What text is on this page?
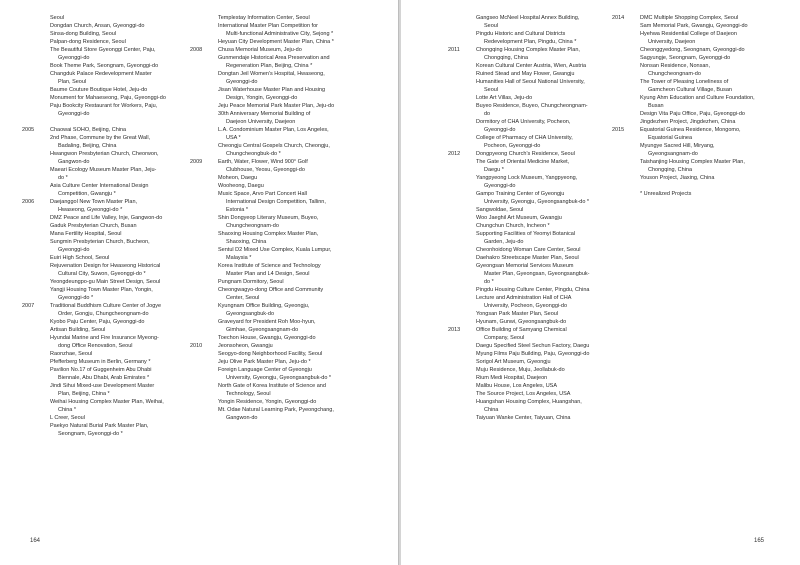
Seoul
Dongdan Church, Ansan, Gyeonggi-do
Sinsa-dong Building, Seoul
Palpan-dong Residence, Seoul
The Beautiful Store Gyeonggi Center, Paju,
Gyeonggi-do
Book Theme Park, Seongnam, Gyeonggi-do
Changduk Palace Redevelopment Master
Plan, Seoul
Baume Couture Boutique Hotel, Jeju-do
Monument for Mahaeseong, Paju, Gyeonggi-do
Paju Bookcity Restaurant for Workers, Paju,
Gyeonggi-do
2005	Chaowai SOHO, Beijing, China
2nd Phase, Commune by the Great Wall,
Badaling, Beijing, China
Hwangwon Presbyterian Church, Cheorwon,
Gangwon-do
Maeari Ecology Museum Master Plan, Jeju-
do *
Asia Culture Center International Design
Competition, Gwangju *
2006	Daejanggol New Town Master Plan,
Hwaseong, Gyeonggi-do *
DMZ Peace and Life Valley, Inje, Gangwon-do
Gaduk Presbyterian Church, Busan
Mana Fertility Hospital, Seoul
Sungmin Presbyterian Church, Bucheon,
Gyeonggi-do
Euiri High School, Seoul
Rejuvenation Design for Hwaseong Historical
Cultural City, Suwon, Gyeonggi-do *
Yeongdeungpo-gu Main Street Design, Seoul
Yangji Housing Town Master Plan, Yongin,
Gyeonggi-do *
2007	Traditional Buddhism Culture Center of Jogye
Order, Gongju, Chungcheongnam-do
Kyobo Paju Center, Paju, Gyeonggi-do
Artisan Building, Seoul
Hyundai Marine and Fire Insurance Myeong-
dong Office Renovation, Seoul
Raonzhae, Seoul
Pfefferberg Museum in Berlin, Germany *
Pavilion No.17 of Guggenheim Abu Dhabi
Biennale, Abu Dhabi, Arab Emirates *
Jindi Sihui Mixed-use Development Master
Plan, Beijing, China *
Weihai Housing Complex Master Plan, Weihai,
China *
L Creer, Seoul
Paekyo Natural Burial Park Master Plan,
Seongnam, Gyeonggi-do *
Templestay Information Center, Seoul
International Master Plan Competition for
Multi-functional Administrative City, Sejong *
Heyuan City Development Master Plan, China *
2008	Chusa Memorial Museum, Jeju-do
Gunmendaje Historical Area Preservation and
Regeneration Plan, Beijing, China *
Dongtan Jeil Women's Hospital, Hwaseong,
Gyeonggi-do
Jisan Waterhouse Master Plan and Housing
Design, Yongin, Gyeonggi-do
Jeju Peace Memorial Park Master Plan, Jeju-do
30th Anniversary Memorial Building of
Daejeon University, Daejeon
L.A. Condominium Master Plan, Los Angeles,
USA *
Cheongju Central Gospels Church, Cheongju,
Chungcheongbuk-do *
2009	Earth, Water, Flower, Wind 900° Golf
Clubhouse, Yeosu, Gyeonggi-do
Moheon, Daegu
Wooheong, Daegu
Music Space, Arvo Part Concert Hall
International Design Competition, Tallinn,
Estonia *
Shin Dongyeop Literary Museum, Buyeo,
Chungcheongnam-do
Shaoxing Housing Complex Master Plan,
Shaoxing, China
Sentul D2 Mixed Use Complex, Kuala Lumpur,
Malaysia *
Korea Institute of Science and Technology
Master Plan and L4 Design, Seoul
Pungnam Dormitory, Seoul
Cheongwagyo-dong Office and Community
Center, Seoul
Kyungnam Office Building, Gyeongju,
Gyeongsangbuk-do
Graveyard for President Roh Moo-hyun,
Gimhae, Gyeongsangnam-do
Toechon House, Gwangju, Gyeonggi-do
2010	Jeonsoheon, Gwangju
Seogyo-dong Neighborhood Facility, Seoul
Jeju Olive Park Master Plan, Jeju-do *
Foreign Language Center of Gyeongju
University, Gyeongju, Gyeongsangbuk-do *
North Gate of Korea Institute of Science and
Technology, Seoul
Yongin Residence, Yongin, Gyeonggi-do
Mt. Odae Natural Learning Park, Pyeongchang,
Gangwon-do
164
Gangseo McNeel Hospital Annex Building,
Seoul
Pingdu Historic and Cultural Districts
Redevelopment Plan, Pingdu, China *
2011	Chongqing Housing Complex Master Plan,
Chongqing, China
Korean Cultural Center Austria, Wien, Austria
Ruined Stead and May Flower, Gwangju
Humanities Hall of Seoul National University,
Seoul
Lotte Art Villas, Jeju-do
Buyeo Residence, Buyeo, Chungcheongnam-
do
Dormitory of CHA University, Pocheon,
Gyeonggi-do
College of Pharmacy of CHA University,
Pocheon, Gyeonggi-do
2012	Dongpyeong Church's Residence, Seoul
The Gate of Oriental Medicine Market,
Daegu *
Yangpyeong Lock Museum, Yangpyeong,
Gyeonggi-do
Gampo Training Center of Gyeongju
University, Gyeongju, Gyeongsangbuk-do *
Sangwoldae, Seoul
Woo Jaeghil Art Museum, Gwangju
Chungchun Church, Incheon *
Supporting Facilities of Yeomyi Botanical
Garden, Jeju-do
Cheonhoidong Woman Care Center, Seoul
Daehakro Streetscape Master Plan, Seoul
Gyeongsan Memorial Services Museum
Master Plan, Gyeongsan, Gyeongsangbuk-
do *
Pingdu Housing Culture Center, Pingdu, China
Lecture and Administration Hall of CHA
University, Pocheon, Gyeonggi-do
Yongsan Park Master Plan, Seoul
Hyunam, Gunwi, Gyeongsangbuk-do
2013	Office Building of Samyang Chemical
Company, Seoul
Daegu Specified Steel Sechun Factory, Daegu
Myung Films Paju Building, Paju, Gyeonggi-do
Sorigol Art Museum, Gyeongju
Muju Residence, Muju, Jeollabuk-do
Rium Medi Hospital, Daejeon
Malibu House, Los Angeles, USA
The Source Project, Los Angeles, USA
Huangshan Housing Complex, Huangshan,
China
Taiyuan Wanke Center, Taiyuan, China
2014	DMC Multiple Shopping Complex, Seoul
Sam Memorial Park, Gwangju, Gyeonggi-do
Hyehwa Residential College of Daejeon
University, Daejeon
Cheonggyedong, Seongnam, Gyeonggi-do
Sagyungje, Seongnam, Gyeonggi-do
Nonsan Residence, Nonsan,
Chungcheongnam-do
The Tower of Pleasing Loneliness of
Gamcheon Cultural Village, Busan
Kyung Ahm Education and Culture Foundation,
Busan
Design Vita Paju Office, Paju, Gyeonggi-do
Jingdezhen Project, Jingdezhen, China
2015	Equatorial Guinea Residence, Mongomo,
Equatorial Guinea
Myungye Sacred Hill, Miryang,
Gyeongsangnam-do
Taishanjing Housing Complex Master Plan,
Chongqing, China
Youson Project, Jiaxing, China
* Unrealized Projects
165
